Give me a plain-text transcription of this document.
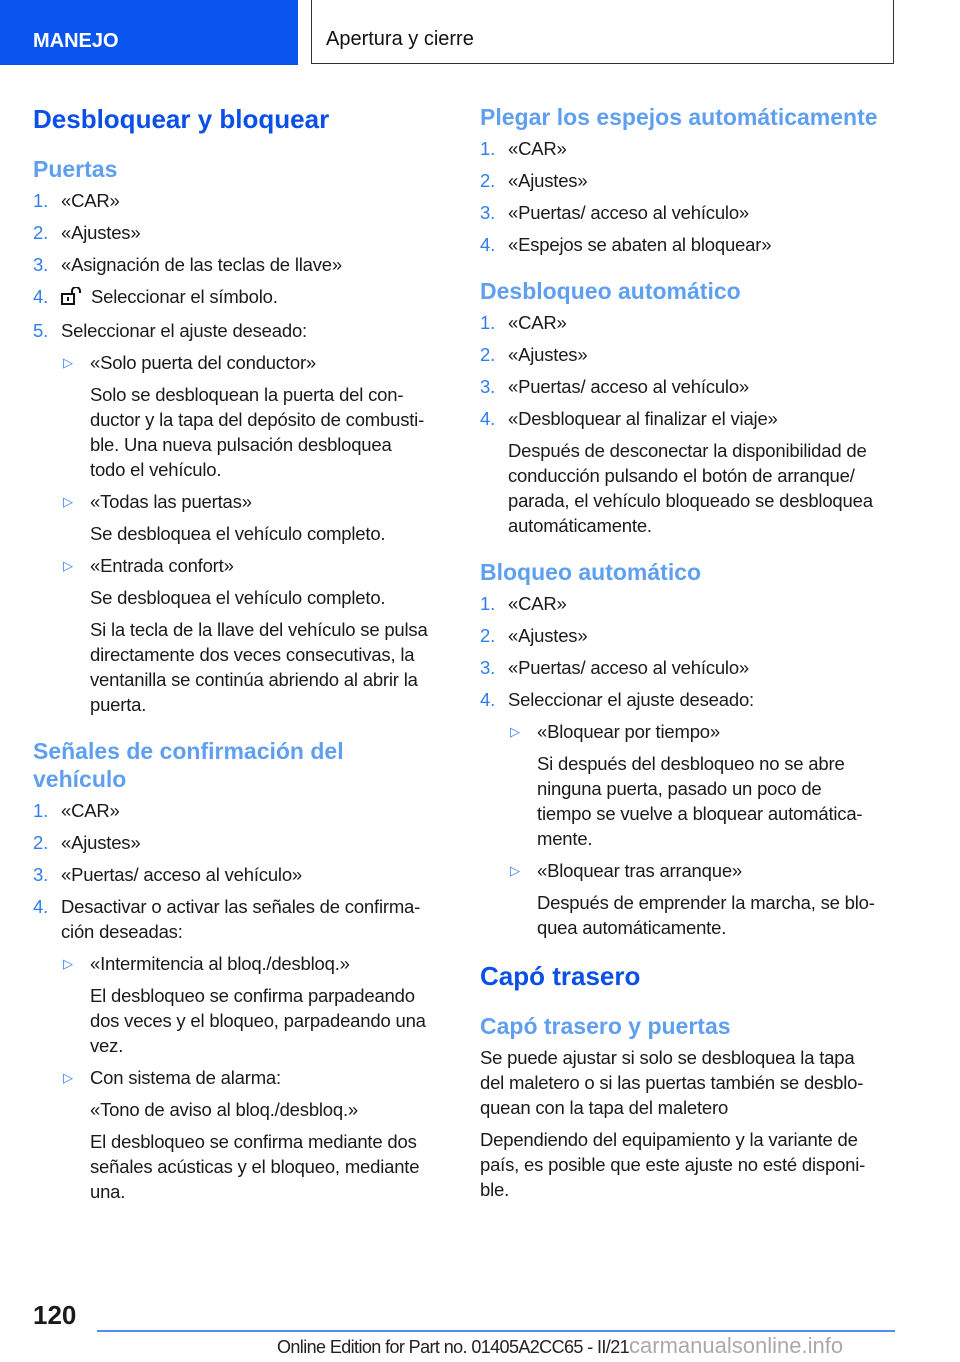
MANEJO	Apertura y cierre
Desbloquear y bloquear
Puertas
1. «CAR»
2. «Ajustes»
3. «Asignación de las teclas de llave»
4. Seleccionar el símbolo.
5. Seleccionar el ajuste deseado:
▷ «Solo puerta del conductor»
Solo se desbloquean la puerta del con-
ductor y la tapa del depósito de combusti-
ble. Una nueva pulsación desbloquea
todo el vehículo.
▷ «Todas las puertas»
Se desbloquea el vehículo completo.
▷ «Entrada confort»
Se desbloquea el vehículo completo.
Si la tecla de la llave del vehículo se pulsa
directamente dos veces consecutivas, la
ventanilla se continúa abriendo al abrir la
puerta.
Señales de confirmación del
vehículo
1. «CAR»
2. «Ajustes»
3. «Puertas/ acceso al vehículo»
4. Desactivar o activar las señales de confirma-
ción deseadas:
▷ «Intermitencia al bloq./desbloq.»
El desbloqueo se confirma parpadeando
dos veces y el bloqueo, parpadeando una
vez.
▷ Con sistema de alarma:
«Tono de aviso al bloq./desbloq.»
El desbloqueo se confirma mediante dos
señales acústicas y el bloqueo, mediante
una.
Plegar los espejos automáticamente
1. «CAR»
2. «Ajustes»
3. «Puertas/ acceso al vehículo»
4. «Espejos se abaten al bloquear»
Desbloqueo automático
1. «CAR»
2. «Ajustes»
3. «Puertas/ acceso al vehículo»
4. «Desbloquear al finalizar el viaje»
Después de desconectar la disponibilidad de
conducción pulsando el botón de arranque/
parada, el vehículo bloqueado se desbloquea
automáticamente.
Bloqueo automático
1. «CAR»
2. «Ajustes»
3. «Puertas/ acceso al vehículo»
4. Seleccionar el ajuste deseado:
▷ «Bloquear por tiempo»
Si después del desbloqueo no se abre
ninguna puerta, pasado un poco de
tiempo se vuelve a bloquear automática-
mente.
▷ «Bloquear tras arranque»
Después de emprender la marcha, se blo-
quea automáticamente.
Capó trasero
Capó trasero y puertas
Se puede ajustar si solo se desbloquea la tapa
del maletero o si las puertas también se desblo-
quean con la tapa del maletero
Dependiendo del equipamiento y la variante de
país, es posible que este ajuste no esté disponi-
ble.
120
Online Edition for Part no. 01405A2CC65 - II/21carmanualsonline.info
